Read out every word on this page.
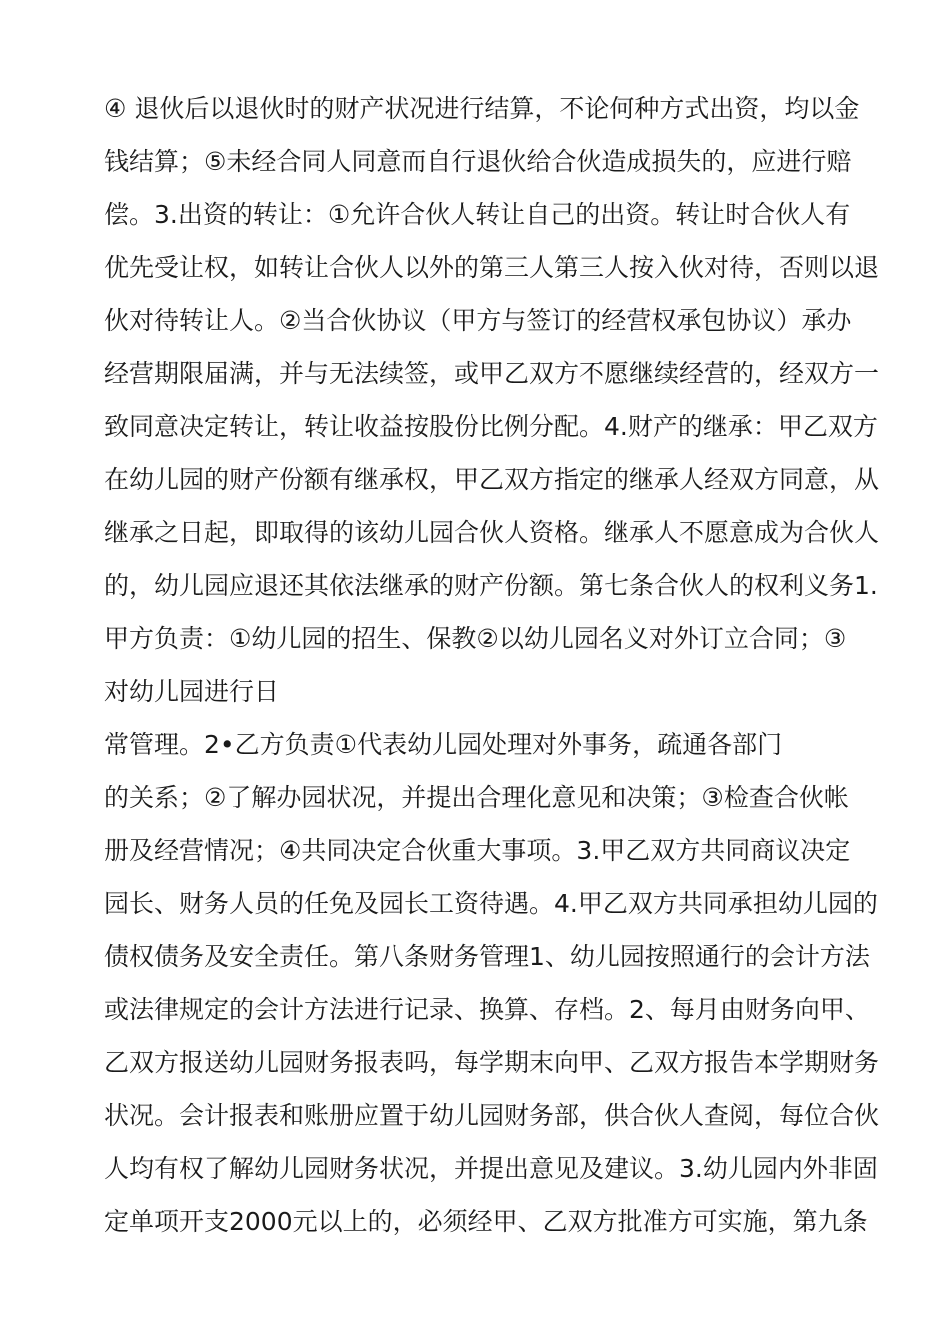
④ 退伙后以退伙时的财产状况进行结算，不论何种方式出资，均以金
钱结算；⑤未经合同人同意而自行退伙给合伙造成损失的，应进行赔
偿。3.出资的转让：①允许合伙人转让自己的出资。转让时合伙人有
优先受让权，如转让合伙人以外的第三人第三人按入伙对待，否则以退
伙对待转让人。②当合伙协议（甲方与签订的经营权承包协议）承办
经营期限届满，并与无法续签，或甲乙双方不愿继续经营的，经双方一
致同意决定转让，转让收益按股份比例分配。4.财产的继承：甲乙双方
在幼儿园的财产份额有继承权，甲乙双方指定的继承人经双方同意，从
继承之日起，即取得的该幼儿园合伙人资格。继承人不愿意成为合伙人
的，幼儿园应退还其依法继承的财产份额。第七条合伙人的权利义务1.
甲方负责：①幼儿园的招生、保教②以幼儿园名义对外订立合同；③
对幼儿园进行日
常管理。2•乙方负责①代表幼儿园处理对外事务，疏通各部门
的关系；②了解办园状况，并提出合理化意见和决策；③检查合伙帐
册及经营情况；④共同决定合伙重大事项。3.甲乙双方共同商议决定
园长、财务人员的任免及园长工资待遇。4.甲乙双方共同承担幼儿园的
债权债务及安全责任。第八条财务管理1、幼儿园按照通行的会计方法
或法律规定的会计方法进行记录、换算、存档。2、每月由财务向甲、
乙双方报送幼儿园财务报表吗，每学期末向甲、乙双方报告本学期财务
状况。会计报表和账册应置于幼儿园财务部，供合伙人查阅，每位合伙
人均有权了解幼儿园财务状况，并提出意见及建议。3.幼儿园内外非固
定单项开支2000元以上的，必须经甲、乙双方批准方可实施，第九条
